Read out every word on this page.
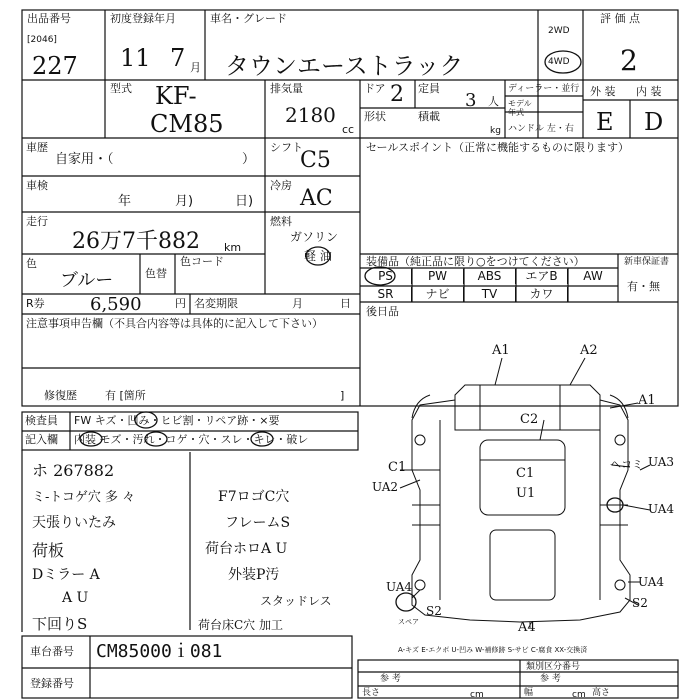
出品番号
[2046]
227
初度登録年月
11 7 月
車名・グレード
タウンエーストラック
2WD
4WD
評 価 点
2
外 装 内 装
E D
型式 KF-
CM85
排気量
2180
cc
ドア 2 定員
3 人
形状	積載
kg
ディーラー・並行
モデル年式
ハンドル 左・右
車歴
自家用・（	）
車検
年	月)	日)
走行
26万7千882 km
色
ブルー	色替
色コード
R券	6,590	円 名変期限	月	日
シフト
C5
冷房
AC
燃料
ガソリン
軽 油
セールスポイント（正常に機能するものに限ります）
装備品（純正品に限り○をつけてください）	新車保証書
有・無
後日品
PS	PW	ABS	エアB	AW
SR	ナビ	TV	カワ
注意事項申告欄（不具合内容等は具体的に記入して下さい）
修復歴	有 [箇所	]
検査員
記入欄
FW キズ・凹み・ヒビ割・リペア跡・×要
内装 モズ・汚れ・コゲ・穴・スレ・キレ・破レ
ホ 267882
ミ-トコゲ穴 多 々
天張りいたみ
荷板
Dミラー A
A U
下回りS
F7ロゴC穴
フレームS
荷台ホロA U
外装P汚
スタッドレス
荷台床C穴 加工
A1	A2
A1
C2
ヘコミ UA3
C1
UA2
C1
U1
UA4
UA4
S2
UA4
S2
A4
スペア
車台番号 CM85000ｉ081
登録番号
A-キズ E-エクボ U-凹み W-補修跡 S-サビ C-腐食 XX-交換済
類別区分番号
参 考	参 考
長さ	cm	幅	cm 高さ
